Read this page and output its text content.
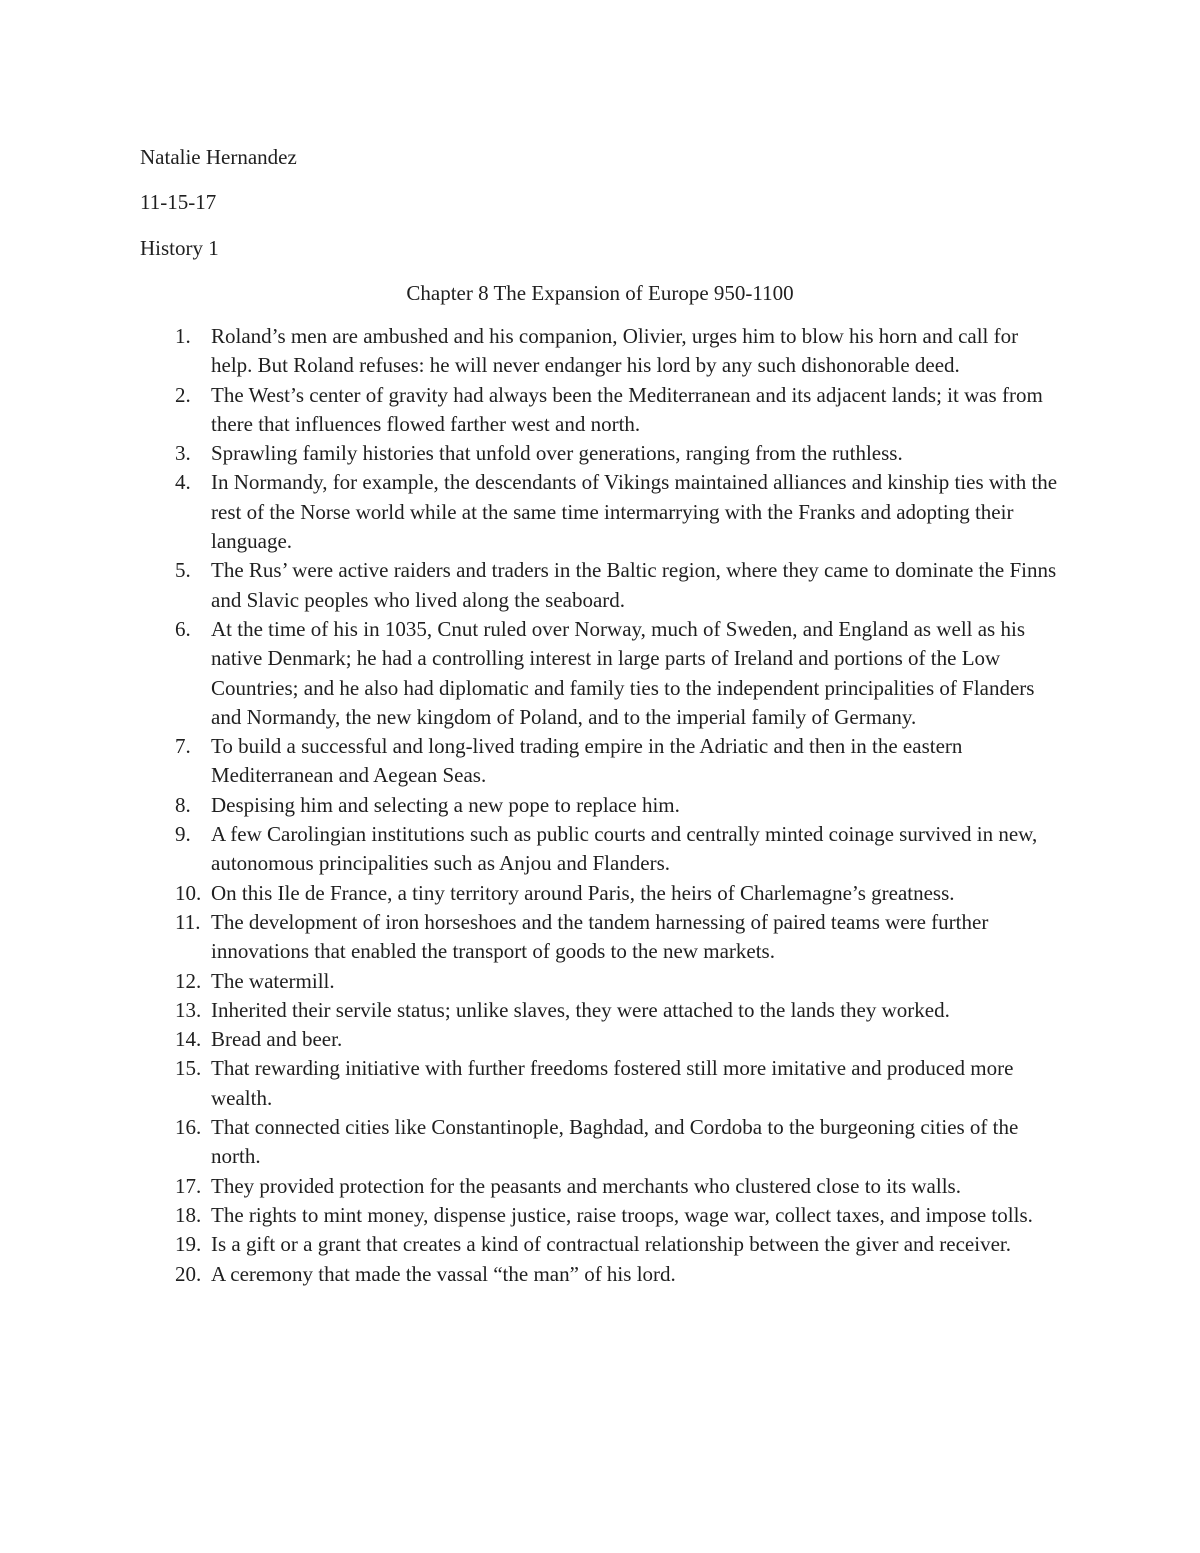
Natalie Hernandez
11-15-17
History 1
Chapter 8 The Expansion of Europe 950-1100
1. Roland’s men are ambushed and his companion, Olivier, urges him to blow his horn and call for help. But Roland refuses: he will never endanger his lord by any such dishonorable deed.
2. The West’s center of gravity had always been the Mediterranean and its adjacent lands; it was from there that influences flowed farther west and north.
3. Sprawling family histories that unfold over generations, ranging from the ruthless.
4. In Normandy, for example, the descendants of Vikings maintained alliances and kinship ties with the rest of the Norse world while at the same time intermarrying with the Franks and adopting their language.
5. The Rus’ were active raiders and traders in the Baltic region, where they came to dominate the Finns and Slavic peoples who lived along the seaboard.
6. At the time of his in 1035, Cnut ruled over Norway, much of Sweden, and England as well as his native Denmark; he had a controlling interest in large parts of Ireland and portions of the Low Countries; and he also had diplomatic and family ties to the independent principalities of Flanders and Normandy, the new kingdom of Poland, and to the imperial family of Germany.
7. To build a successful and long-lived trading empire in the Adriatic and then in the eastern Mediterranean and Aegean Seas.
8. Despising him and selecting a new pope to replace him.
9. A few Carolingian institutions such as public courts and centrally minted coinage survived in new, autonomous principalities such as Anjou and Flanders.
10. On this Ile de France, a tiny territory around Paris, the heirs of Charlemagne’s greatness.
11. The development of iron horseshoes and the tandem harnessing of paired teams were further innovations that enabled the transport of goods to the new markets.
12. The watermill.
13. Inherited their servile status; unlike slaves, they were attached to the lands they worked.
14. Bread and beer.
15. That rewarding initiative with further freedoms fostered still more imitative and produced more wealth.
16. That connected cities like Constantinople, Baghdad, and Cordoba to the burgeoning cities of the north.
17. They provided protection for the peasants and merchants who clustered close to its walls.
18. The rights to mint money, dispense justice, raise troops, wage war, collect taxes, and impose tolls.
19. Is a gift or a grant that creates a kind of contractual relationship between the giver and receiver.
20. A ceremony that made the vassal “the man” of his lord.
